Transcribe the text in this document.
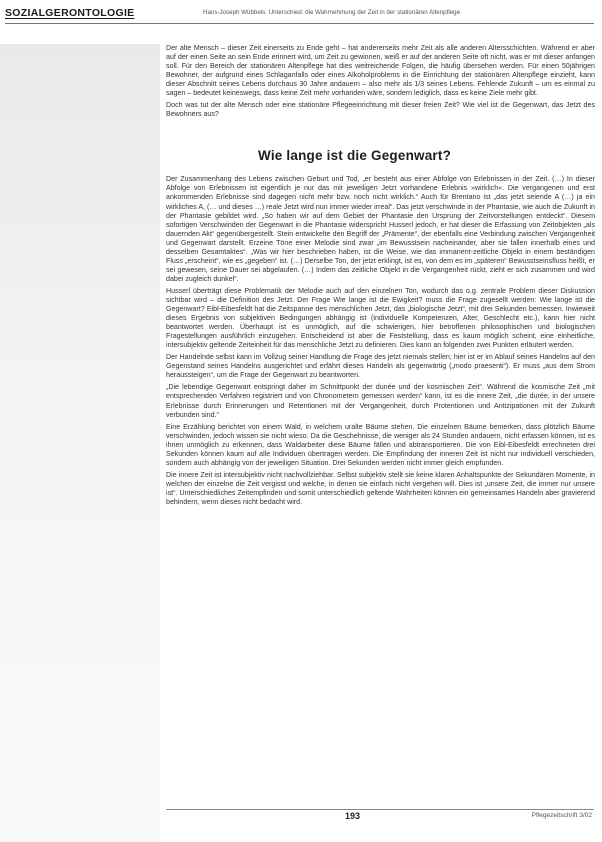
SOZIALGERONTOLOGIE	Hans-Joseph Wübbels: Unterschied: die Wahrnehmung der Zeit in der stationären Altenpflege

Der alte Mensch – dieser Zeit einerseits zu Ende geht – hat andererseits mehr Zeit als alle anderen Altersschichten. Während er aber auf der einen Seite an sein Ende erinnert wird, um Zeit zu gewinnen, weiß er auf der anderen Seite oft nicht, was er mit dieser anfangen soll. Für den Bereich der stationären Altenpflege hat dies weitreichende Folgen, die häufig übersehen werden. Für einen 50jährigen Bewohner, der aufgrund eines Schlaganfalls oder eines Alkoholproblems in die Einrichtung der stationären Altenpflege einzieht, kann dieser Abschnitt seines Lebens durchaus 30 Jahre andauern – also mehr als 1/3 seines Lebens. Fehlende Zukunft – um es einmal zu sagen – bedeutet keineswegs, dass keine Zeit mehr vorhanden wäre, sondern lediglich, dass es keine Ziele mehr gibt.

Doch was tut der alte Mensch oder eine stationäre Pflegeeinrichtung mit dieser freien Zeit? Wie viel ist die Gegenwart, das Jetzt des Bewohners aus?

Wie lange ist die Gegenwart?

Der Zusammenhang des Lebens zwischen Geburt und Tod, „er besteht aus einer Abfolge von Erlebnissen in der Zeit. (…) In dieser Abfolge von Erlebnissen ist eigentlich je nur das mit jeweiligen Jetzt vorhandene Erlebnis »wirklich«. Die vergangenen und erst ankommenden Erlebnisse sind dagegen nicht mehr bzw. noch nicht wirklich.“ Auch für Brentano ist „das jetzt seiende A (…) ja ein wirkliches A, (… und dieses …) reale Jetzt wird nun immer wieder irreal“. Das jetzt verschwinde in der Phantasie, wie auch die Zukunft in der Phantasie gebildet wird. „So haben wir auf dem Gebiet der Phantasie den Ursprung der Zeitvorstellungen entdeckt“. Diesem sofortigen Verschwinden der Gegenwart in die Phantasie widerspricht Husserl jedoch, er hat dieser die Erfassung von Zeitobjekten „als dauernden Akt“ gegenübergestellt. Stein entwickelte den Begriff der „Prämente“, der ebenfalls eine Verbindung zwischen Vergangenheit und Gegenwart darstellt. Erzeine Töne einer Melodie sind zwar „im Bewusstsein nacheinander, aber sie fallen innerhalb eines und desselben Gesamtaktes“. „Was wir hier beschrieben haben, ist die Weise, wie das immanent-zeitliche Objekt in einem beständigen Fluss „erscheint“, wie es „gegeben“ ist. (…) Derselbe Ton, der jetzt erklingt, ist es, von dem es im „späteren“ Bewusstseinsfluss heißt, er sei gewesen, seine Dauer sei abgelaufen. (…) Indem das zeitliche Objekt in die Vergangenheit rückt, zieht er sich zusammen und wird dabei zugleich dunkel“.

Husserl überträgt diese Problematik der Melodie auch auf den einzelnen Ton, wodurch das o.g. zentrale Problem dieser Diskussion sichtbar wird – die Definition des Jetzt. Der Frage Wie lange ist die Ewigkeit? muss die Frage zugesellt werden: Wie lange ist die Gegenwart? Eibl-Eibesfeldt hat die Zeitspanne des menschlichen Jetzt, das „biologische Jetzt“, mit drei Sekunden bemessen. Inwieweit dieses Ergebnis von subjektiven Bedingungen abhängig ist (individuelle Kompetenzen, Alter, Geschlecht etc.), kann hier nicht beantwortet werden. Überhaupt ist es unmöglich, auf die schwierigen, hier betroffenen philosophischen und biologischen Fragestellungen ausführlich einzugehen. Entscheidend ist aber die Feststellung, dass es kaum möglich scheint, eine einheitliche, intersubjektiv geltende Zeiteinheit für das menschliche Jetzt zu definieren. Dies kann an folgenden zwei Punkten erläutert werden.

Der Handelnde selbst kann im Vollzug seiner Handlung die Frage des jetzt niemals stellen; hier ist er im Ablauf seines Handelns auf den Gegenstand seines Handelns ausgerichtet und erfährt dieses Handeln als gegenwärtig („modo praesenti“). Er muss „aus dem Strom heraussteigen“, um die Frage der Gegenwart zu beantworten.

„Die lebendige Gegenwart entspringt daher im Schnittpunkt der dunée und der kosmischen Zeit“. Während die kosmische Zeit „mit entsprechenden Verfahren registriert und von Chronometern gemessen werden“ kann, ist es die innere Zeit, „die durée, in der unsere Erlebnisse durch Erinnerungen und Retentionen mit der Vergangenheit, durch Protentionen und Antizipationen mit der Zukunft verbunden sind.“

Eine Erzählung berichtet von einem Wald, in welchem uralte Bäume stehen. Die einzelnen Bäume bemerken, dass plötzlich Bäume verschwinden, jedoch wissen sie nicht wieso. Da die Geschehnisse, die weniger als 24 Stunden andauern, nicht erfassen können, ist es ihnen unmöglich zu erkennen, dass Waldarbeiter diese Bäume fällen und abtransportieren. Die von Eibl-Eibesfeldt errechneten drei Sekunden können kaum auf alle Individuen übertragen werden. Die Empfindung der inneren Zeit ist nicht nur individuell verschieden, sondern auch abhängig von der jeweiligen Situation. Drei Sekunden werden nicht immer gleich empfunden.

Die innere Zeit ist intersubjektiv nicht nachvollziehbar. Selbst subjektiv stellt sie keine klaren Anhaltspunkte der Sekundären Momente, in welchen der einzelne die Zeit vergisst und welche, in denen sie einfach nicht vergehen will. Dies ist „unsere Zeit, die immer nur unsere ist“. Unterschiedliches Zeitempfinden und somit unterschiedlich geltende Wahrheiten können ein gemeinsames Handeln aber gravierend behindern, wenn dieses nicht bedacht wird.

193	Pflegezeitschrift 3/02
